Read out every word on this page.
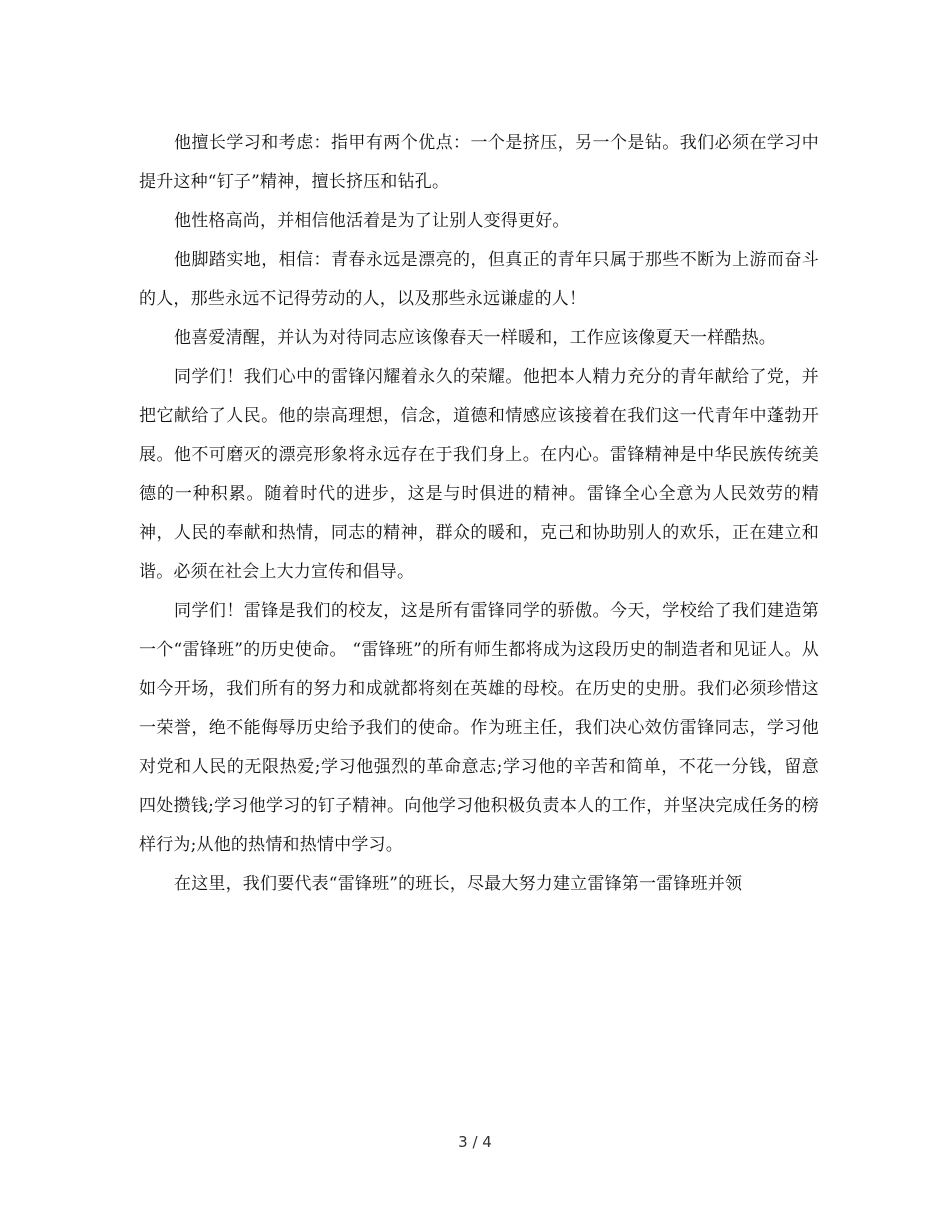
他擅长学习和考虑：指甲有两个优点：一个是挤压，另一个是钻。我们必须在学习中提升这种“钉子”精神，擅长挤压和钻孔。

他性格高尚，并相信他活着是为了让别人变得更好。

他脚踏实地，相信：青春永远是漂亮的，但真正的青年只属于那些不断为上游而奋斗的人，那些永远不记得劳动的人，以及那些永远谦虚的人！

他喜爱清醒，并认为对待同志应该像春天一样暖和，工作应该像夏天一样酷热。

同学们！我们心中的雷锋闪耀着永久的荣耀。他把本人精力充分的青年献给了党，并把它献给了人民。他的崇高理想，信念，道德和情感应该接着在我们这一代青年中蓬勃开展。他不可磨灭的漂亮形象将永远存在于我们身上。在内心。雷锋精神是中华民族传统美德的一种积累。随着时代的进步，这是与时俱进的精神。雷锋全心全意为人民效劳的精神，人民的奉献和热情，同志的精神，群众的暖和，克己和协助别人的欢乐，正在建立和谐。必须在社会上大力宣传和倡导。

同学们！雷锋是我们的校友，这是所有雷锋同学的骄傲。今天，学校给了我们建造第一个“雷锋班”的历史使命。 “雷锋班”的所有师生都将成为这段历史的制造者和见证人。从如今开场，我们所有的努力和成就都将刻在英雄的母校。在历史的史册。我们必须珍惜这一荣誉，绝不能侮辱历史给予我们的使命。作为班主任，我们决心效仿雷锋同志，学习他对党和人民的无限热爱;学习他强烈的革命意志;学习他的辛苦和简单，不花一分钱，留意四处攒钱;学习他学习的钉子精神。向他学习他积极负责本人的工作，并坚决完成任务的榜样行为;从他的热情和热情中学习。

在这里，我们要代表“雷锋班”的班长，尽最大努力建立雷锋第一雷锋班并领

3 / 4
